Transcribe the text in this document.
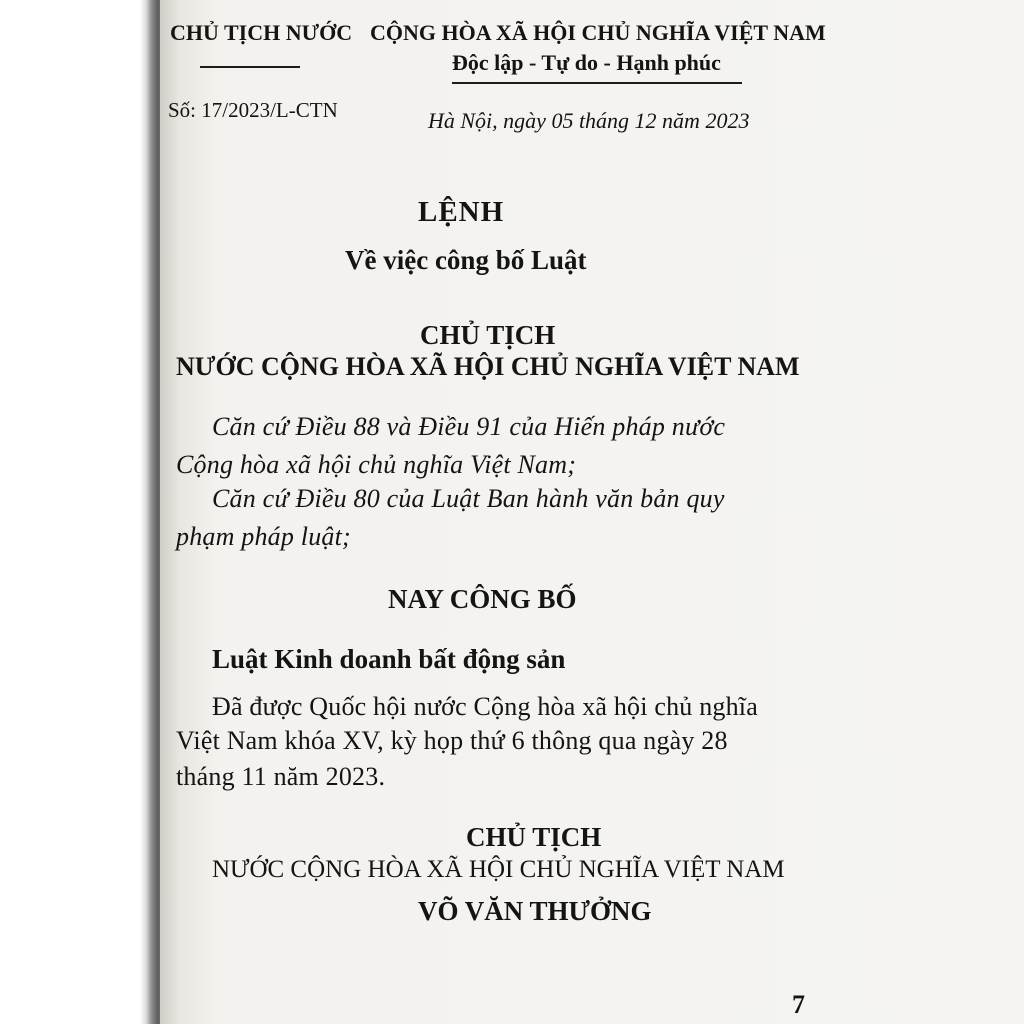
CHỦ TỊCH NƯỚC
Số: 17/2023/L-CTN
CỘNG HÒA XÃ HỘI CHỦ NGHĨA VIỆT NAM
Độc lập - Tự do - Hạnh phúc
Hà Nội, ngày 05 tháng 12 năm 2023
LỆNH
Về việc công bố Luật
CHỦ TỊCH
NƯỚC CỘNG HÒA XÃ HỘI CHỦ NGHĨA VIỆT NAM
Căn cứ Điều 88 và Điều 91 của Hiến pháp nước
Cộng hòa xã hội chủ nghĩa Việt Nam;
Căn cứ Điều 80 của Luật Ban hành văn bản quy
phạm pháp luật;
NAY CÔNG BỐ
Luật Kinh doanh bất động sản
Đã được Quốc hội nước Cộng hòa xã hội chủ nghĩa
Việt Nam khóa XV, kỳ họp thứ 6 thông qua ngày 28
tháng 11 năm 2023.
CHỦ TỊCH
NƯỚC CỘNG HÒA XÃ HỘI CHỦ NGHĨA VIỆT NAM
VÕ VĂN THƯỞNG
7
